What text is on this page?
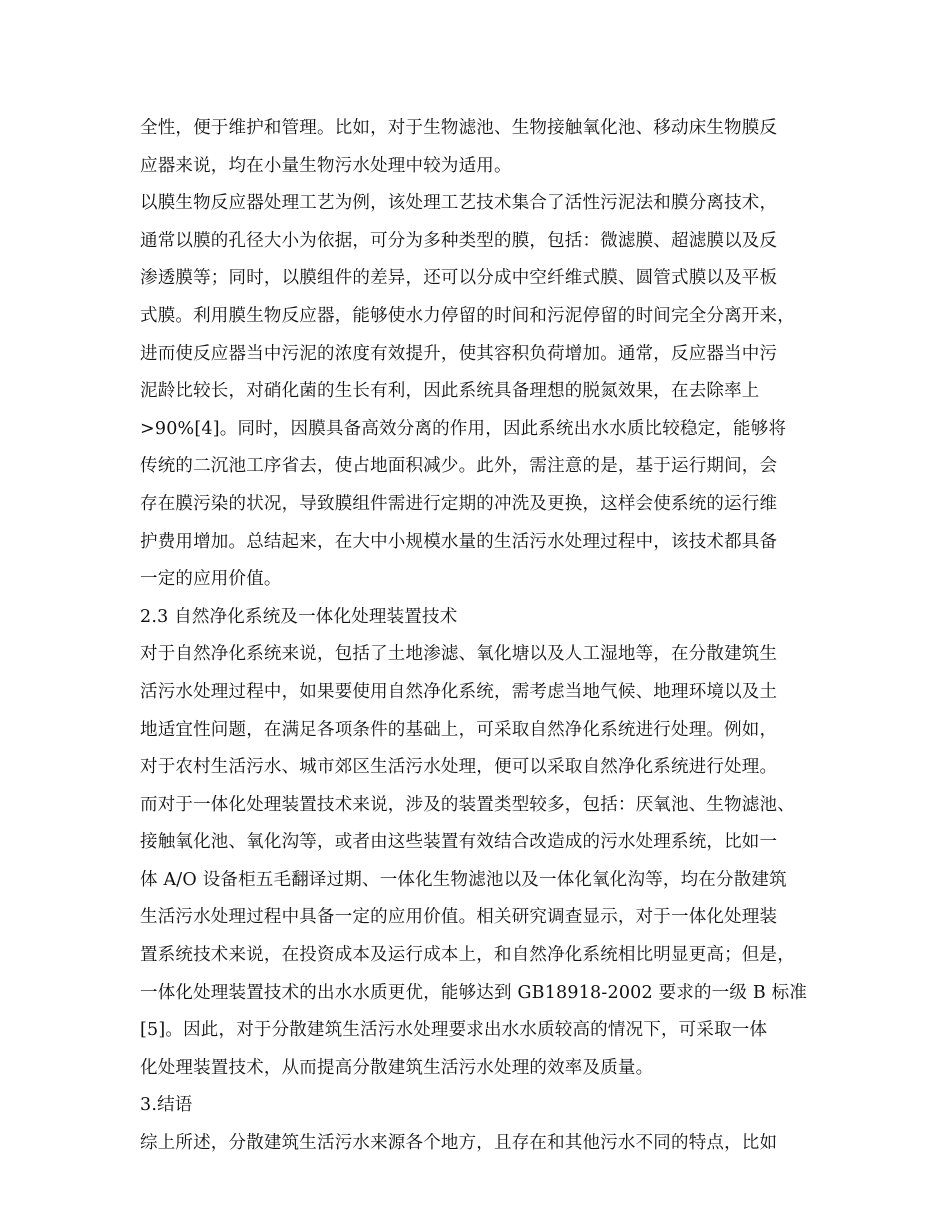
全性，便于维护和管理。比如，对于生物滤池、生物接触氧化池、移动床生物膜反
应器来说，均在小量生物污水处理中较为适用。
以膜生物反应器处理工艺为例，该处理工艺技术集合了活性污泥法和膜分离技术，
通常以膜的孔径大小为依据，可分为多种类型的膜，包括：微滤膜、超滤膜以及反
渗透膜等；同时，以膜组件的差异，还可以分成中空纤维式膜、圆管式膜以及平板
式膜。利用膜生物反应器，能够使水力停留的时间和污泥停留的时间完全分离开来，
进而使反应器当中污泥的浓度有效提升，使其容积负荷增加。通常，反应器当中污
泥龄比较长，对硝化菌的生长有利，因此系统具备理想的脱氮效果，在去除率上
>90%[4]。同时，因膜具备高效分离的作用，因此系统出水水质比较稳定，能够将
传统的二沉池工序省去，使占地面积减少。此外，需注意的是，基于运行期间，会
存在膜污染的状况，导致膜组件需进行定期的冲洗及更换，这样会使系统的运行维
护费用增加。总结起来，在大中小规模水量的生活污水处理过程中，该技术都具备
一定的应用价值。
2.3 自然净化系统及一体化处理装置技术
对于自然净化系统来说，包括了土地渗滤、氧化塘以及人工湿地等，在分散建筑生
活污水处理过程中，如果要使用自然净化系统，需考虑当地气候、地理环境以及土
地适宜性问题，在满足各项条件的基础上，可采取自然净化系统进行处理。例如，
对于农村生活污水、城市郊区生活污水处理，便可以采取自然净化系统进行处理。
而对于一体化处理装置技术来说，涉及的装置类型较多，包括：厌氧池、生物滤池、
接触氧化池、氧化沟等，或者由这些装置有效结合改造成的污水处理系统，比如一
体 A/O 设备柜五毛翻译过期、一体化生物滤池以及一体化氧化沟等，均在分散建筑
生活污水处理过程中具备一定的应用价值。相关研究调查显示，对于一体化处理装
置系统技术来说，在投资成本及运行成本上，和自然净化系统相比明显更高；但是，
一体化处理装置技术的出水水质更优，能够达到 GB18918-2002 要求的一级 B 标准
[5]。因此，对于分散建筑生活污水处理要求出水水质较高的情况下，可采取一体
化处理装置技术，从而提高分散建筑生活污水处理的效率及质量。
3.结语
综上所述，分散建筑生活污水来源各个地方，且存在和其他污水不同的特点，比如
